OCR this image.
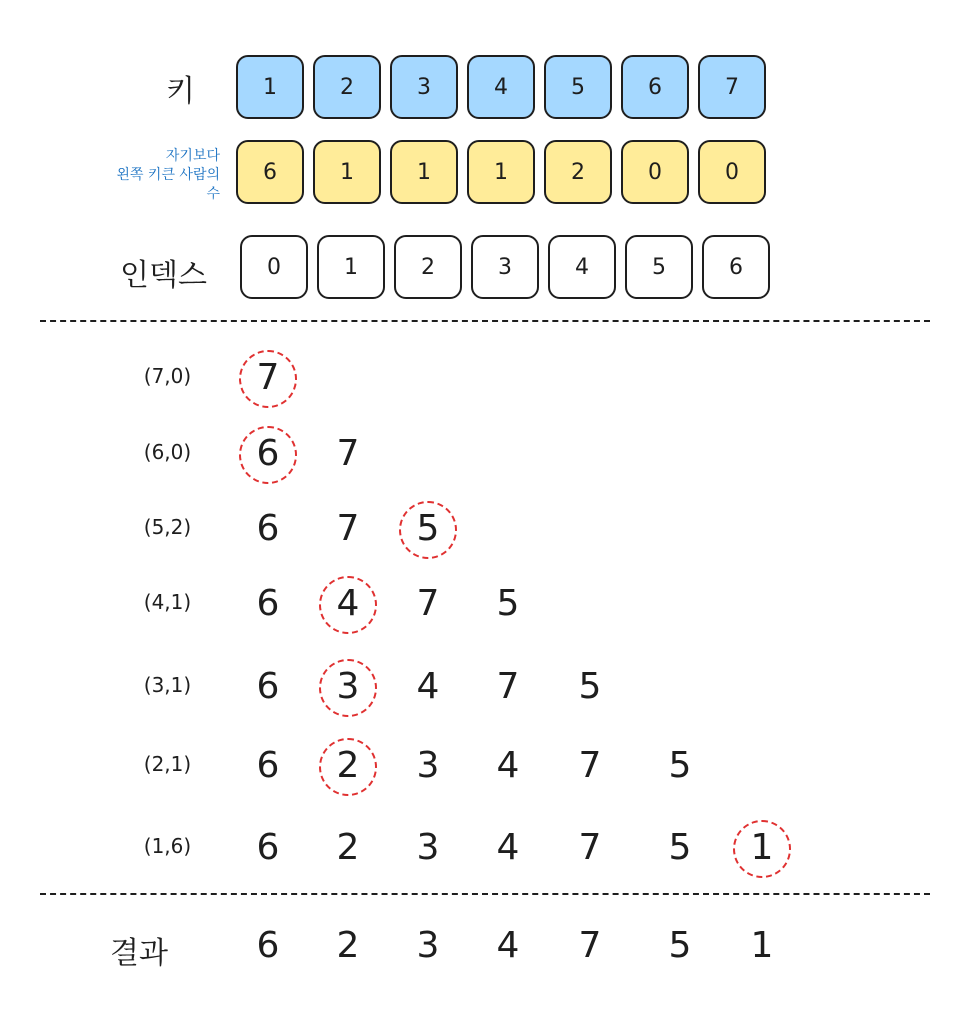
키	1	2	3	4	5	6	7
자기보다
왼쪽 키큰 사람의
수
6	1	1	1	2	0	0
인덱스	0	1	2	3	4	5	6
(7,0)	7
(6,0)	6	7
(5,2)	6	7	5
(4,1)	6	4	7	5
(3,1)	6	3	4	7	5
(2,1)	6	2	3	4	7	5
(1,6)	6	2	3	4	7	5	1
결과	6	2	3	4	7	5	1
